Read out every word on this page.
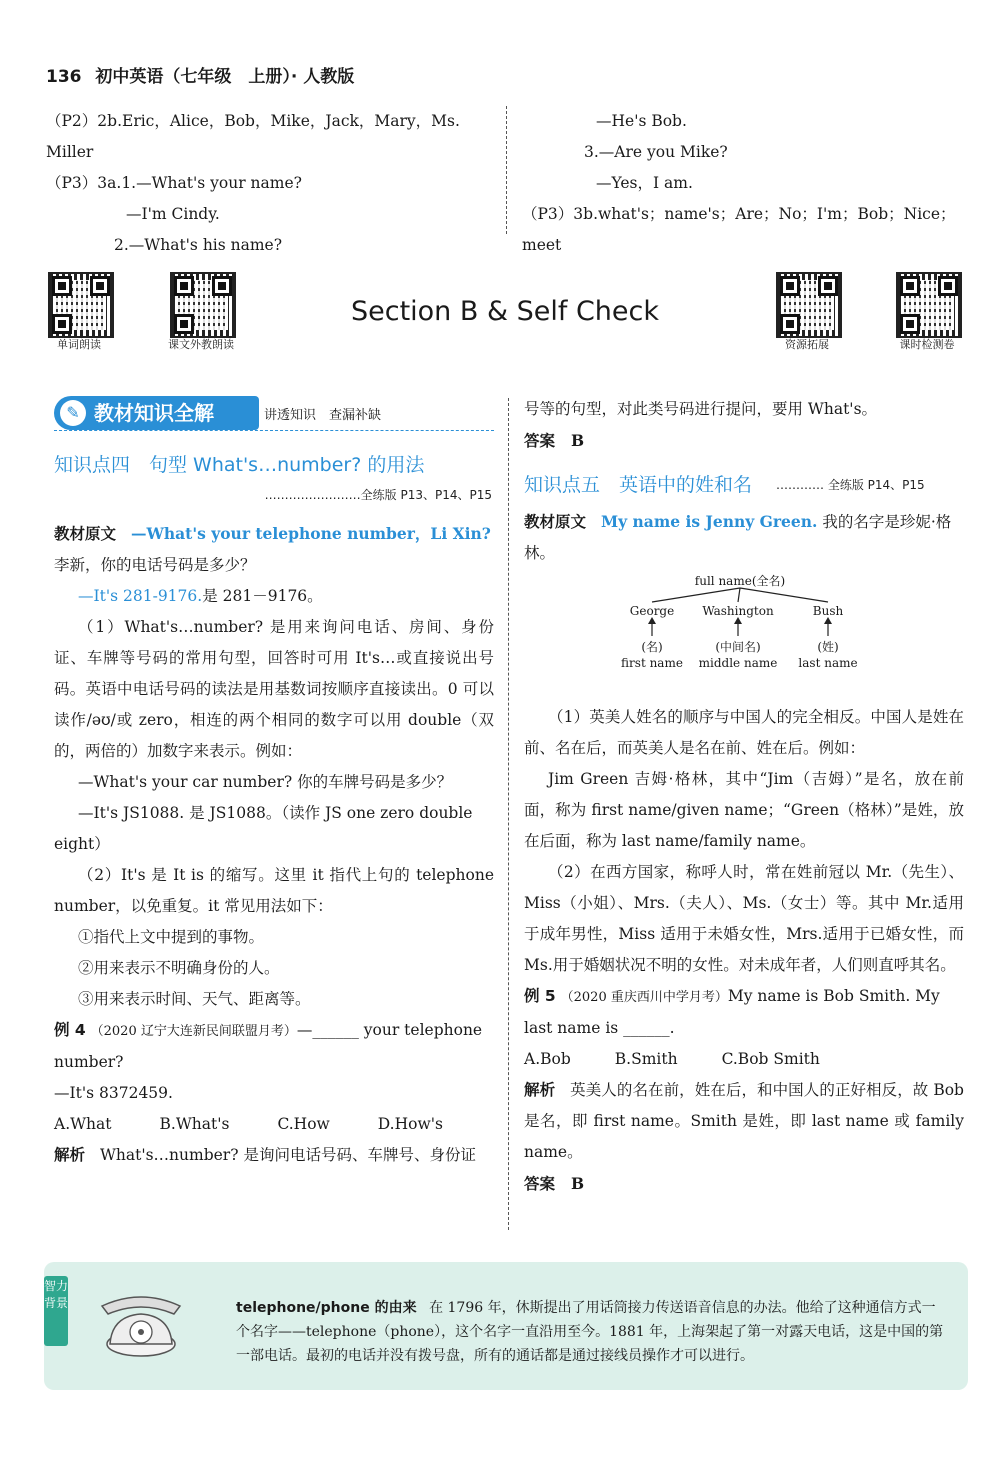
136 初中英语（七年级　上册）· 人教版
（P2）2b.Eric，Alice，Bob，Mike，Jack，Mary，Ms. Miller
（P3）3a.1.—What's your name?
—I'm Cindy.
2.—What's his name?
—He's Bob.
3.—Are you Mike?
—Yes，I am.
（P3）3b.what's；name's；Are；No；I'm；Bob；Nice；meet
单词朗读	课文外教朗读	资源拓展	课时检测卷
Section B & Self Check
✎ 教材知识全解	讲透知识　查漏补缺
知识点四　句型 What's…number? 的用法
……………………全练版 P13、P14、P15
教材原文 —What's your telephone number，Li Xin? 李新，你的电话号码是多少？
—It's 281-9176.是 281－9176。
（1）What's…number? 是用来询问电话、房间、身份证、车牌等号码的常用句型，回答时可用 It's…或直接说出号码。英语中电话号码的读法是用基数词按顺序直接读出。0 可以读作/əʊ/或 zero，相连的两个相同的数字可以用 double（双的，两倍的）加数字来表示。例如：
—What's your car number? 你的车牌号码是多少？
—It's JS1088. 是 JS1088。（读作 JS one zero double eight）
（2）It's 是 It is 的缩写。这里 it 指代上句的 telephone number，以免重复。it 常见用法如下：
①指代上文中提到的事物。
②用来表示不明确身份的人。
③用来表示时间、天气、距离等。
例 4 （2020 辽宁大连新民间联盟月考）—______ your telephone number?
—It's 8372459.
A.What	B.What's	C.How	D.How's
解析 What's…number? 是询问电话号码、车牌号、身份证
号等的句型，对此类号码进行提问，要用 What's。
答案 B
知识点五　英语中的姓和名 ………… 全练版 P14、P15
教材原文 My name is Jenny Green. 我的名字是珍妮·格林。
full name(全名)
George	Washington	Bush
(名)	(中间名)	(姓)
first name	middle name	last name
（1）英美人姓名的顺序与中国人的完全相反。中国人是姓在前、名在后，而英美人是名在前、姓在后。例如：
Jim Green 吉姆·格林，其中“Jim（吉姆）”是名，放在前面，称为 first name/given name；“Green（格林）”是姓，放在后面，称为 last name/family name。
（2）在西方国家，称呼人时，常在姓前冠以 Mr.（先生）、Miss（小姐）、Mrs.（夫人）、Ms.（女士）等。其中 Mr.适用于成年男性，Miss 适用于未婚女性，Mrs.适用于已婚女性，而 Ms.用于婚姻状况不明的女性。对未成年者，人们则直呼其名。
例 5 （2020 重庆西川中学月考）My name is Bob Smith. My last name is ______.
A.Bob	B.Smith	C.Bob Smith
解析 英美人的名在前，姓在后，和中国人的正好相反，故 Bob 是名，即 first name。Smith 是姓，即 last name 或 family name。
答案 B
智力背景	telephone/phone 的由来 在 1796 年，休斯提出了用话筒接力传送语音信息的办法。他给了这种通信方式一个名字——telephone（phone），这个名字一直沿用至今。1881 年，上海架起了第一对露天电话，这是中国的第一部电话。最初的电话并没有拨号盘，所有的通话都是通过接线员操作才可以进行。
